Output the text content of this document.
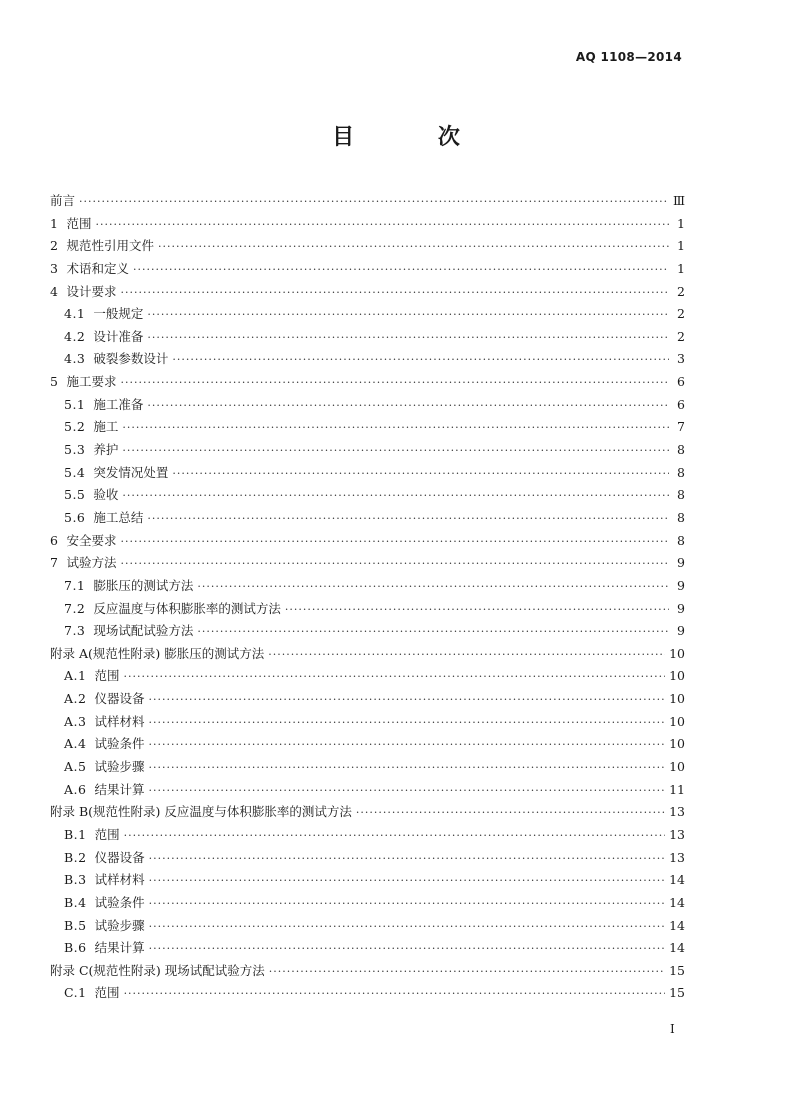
AQ 1108—2014
目 次
前言 ·····	Ⅲ
1 范围 ·····	1
2 规范性引用文件 ·····	1
3 术语和定义 ·····	1
4 设计要求 ·····	2
4.1 一般规定 ·····	2
4.2 设计准备 ·····	2
4.3 破裂参数设计 ·····	3
5 施工要求 ·····	6
5.1 施工准备 ·····	6
5.2 施工 ·····	7
5.3 养护 ·····	8
5.4 突发情况处置 ·····	8
5.5 验收 ·····	8
5.6 施工总结 ·····	8
6 安全要求 ·····	8
7 试验方法 ·····	9
7.1 膨胀压的测试方法 ·····	9
7.2 反应温度与体积膨胀率的测试方法 ·····	9
7.3 现场试配试验方法 ·····	9
附录 A(规范性附录) 膨胀压的测试方法 ·····	10
A.1 范围 ·····	10
A.2 仪器设备 ·····	10
A.3 试样材料 ·····	10
A.4 试验条件 ·····	10
A.5 试验步骤 ·····	10
A.6 结果计算 ·····	11
附录 B(规范性附录) 反应温度与体积膨胀率的测试方法 ·····	13
B.1 范围 ·····	13
B.2 仪器设备 ·····	13
B.3 试样材料 ·····	14
B.4 试验条件 ·····	14
B.5 试验步骤 ·····	14
B.6 结果计算 ·····	14
附录 C(规范性附录) 现场试配试验方法 ·····	15
C.1 范围 ·····	15
I
